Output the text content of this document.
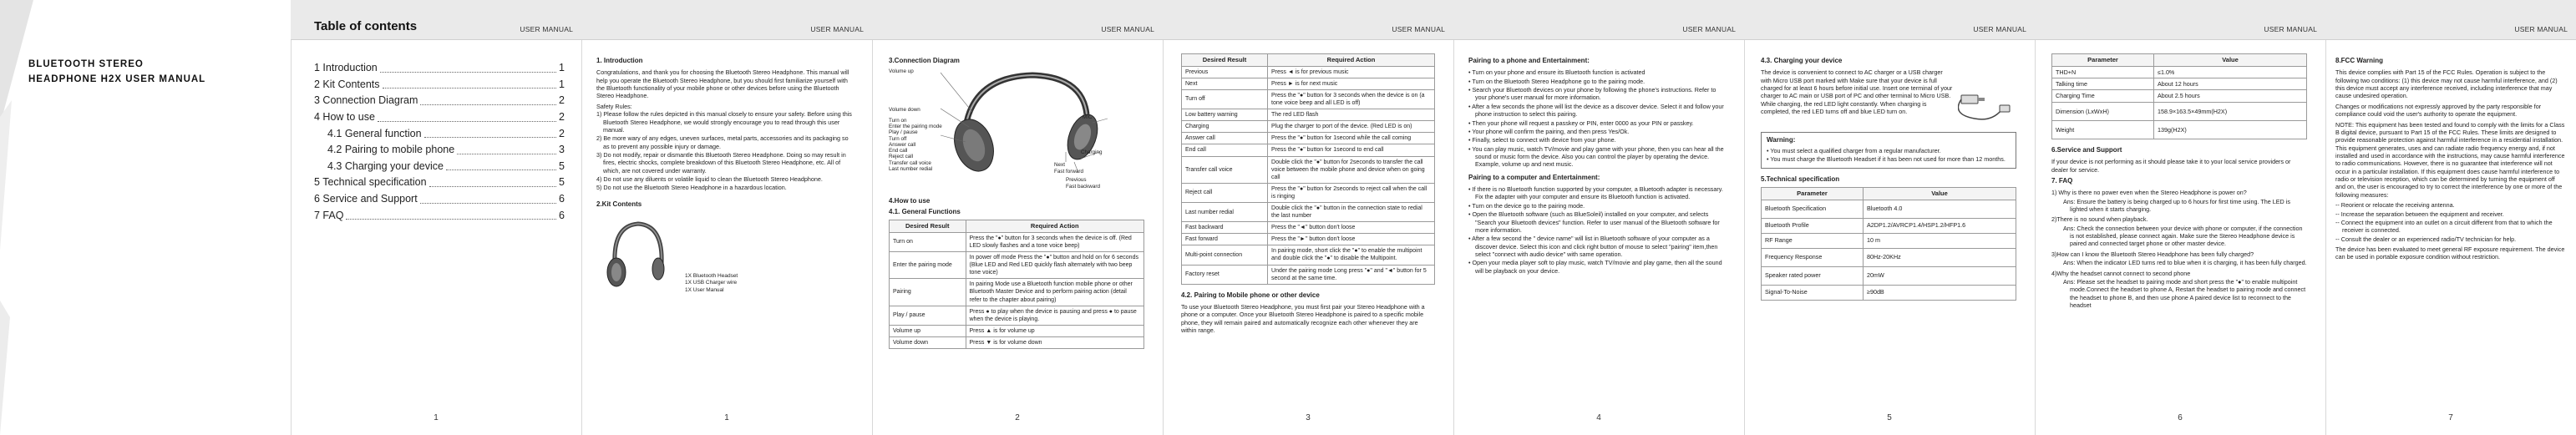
BLUETOOTH STEREO
HEADPHONE H2X USER MANUAL
Table of contents	USER MANUAL
1 Introduction	1
2 Kit Contents	1
3 Connection Diagram	2
4 How to use	2
4.1 General function	2
4.2 Pairing to mobile phone	3
4.3 Charging your device	5
5 Technical specification	5
6 Service and Support	6
7 FAQ	6
1
USER MANUAL
1. Introduction
Congratulations, and thank you for choosing the Bluetooth Stereo Headphone. This manual will help you operate the Bluetooth Stereo Headphone, but you should first familiarize yourself with the Bluetooth functionality of your mobile phone or other devices before using the Bluetooth Stereo Headphone.
Safety Rules:
1) Please follow the rules depicted in this manual closely to ensure your safety. Before using this Bluetooth Stereo Headphone, we would strongly encourage you to read through this user manual.
2) Be more wary of any edges, uneven surfaces, metal parts, accessories and its packaging so as to prevent any possible injury or damage.
3) Do not modify, repair or dismantle this Bluetooth Stereo Headphone. Doing so may result in fires, electric shocks, complete breakdown of this Bluetooth Stereo Headphone, etc. All of which, are not covered under warranty.
4) Do not use any diluents or volatile liquid to clean the Bluetooth Stereo Headphone.
5) Do not use the Bluetooth Stereo Headphone in a hazardous location.
2.Kit Contents
1X Bluetooth Headset
1X USB Charger wire
1X User Manual
1
USER MANUAL
3.Connection Diagram
Volume up
Volume down
Turn on
Enter the pairing mode
Play / pause
Turn off
Answer call
End call
Reject call
Transfer call voice
Last number redial
MIC
Charging
Next
Fast forward
Previous
Fast backward
4.How to use
4.1. General Functions
Desired Result	Required Action
Turn on	Press the "●" button for 3 seconds when the device is off. (Red LED slowly flashes and a tone voice beep)
Enter the pairing mode	In power off mode Press the "●" button and hold on for 6 seconds (Blue LED and Red LED quickly flash alternately with two beep tone voice)
Pairing	In pairing Mode use a Bluetooth function mobile phone or other Bluetooth Master Device and to perform pairing action (detail refer to the chapter about pairing)
Play / pause	Press ● to play when the device is pausing and press ● to pause when the device is playing.
Volume up	Press ▲ is for volume up
Volume down	Press ▼ is for volume down
2
USER MANUAL
Desired Result	Required Action
Previous	Press ◄ is for previous music
Next	Press ► is for next music
Turn off	Press the "●" button for 3 seconds when the device is on (a tone voice beep and all LED is off)
Low battery warning	The red LED flash
Charging	Plug the charger to port of the device. (Red LED is on)
Answer call	Press the "●" button for 1second while the call coming
End call	Press the "●" button for 1second to end call
Transfer call voice	Double click the "●" button for 2seconds to transfer the call voice between the mobile phone and device when on going call
Reject call	Press the "●" button for 2seconds to reject call when the call is ringing
Last number redial	Double click the "●" button in the connection state to redial the last number
Fast backward	Press the "◄" button don't loose
Fast forward	Press the "►" button don't loose
Multi-point connection	In pairing mode, short click the "●" to enable the multipoint and double click the "●" to disable the Multipoint.
Factory reset	Under the pairing mode Long press "●" and "◄" button for 5 second at the same time.
4.2. Pairing to Mobile phone or other device
To use your Bluetooth Stereo Headphone, you must first pair your Stereo Headphone with a phone or a computer. Once your Bluetooth Stereo Headphone is paired to a specific mobile phone, they will remain paired and automatically recognize each other whenever they are within range.
3
USER MANUAL
Pairing to a phone and Entertainment:
• Turn on your phone and ensure its Bluetooth function is activated
• Turn on the Bluetooth Stereo Headphone go to the pairing mode.
• Search your Bluetooth devices on your phone by following the phone's instructions. Refer to your phone's user manual for more information.
• After a few seconds the phone will list the device as a discover device. Select it and follow your phone instruction to select this pairing.
• Then your phone will request a passkey or PIN, enter 0000 as your PIN or passkey.
• Your phone will confirm the pairing, and then press Yes/Ok.
• Finally, select to connect with device from your phone.
• You can play music, watch TV/movie and play game with your phone, then you can hear all the sound or music form the device. Also you can control the player by operating the device. Example, volume up and next music.
Pairing to a computer and Entertainment:
• If there is no Bluetooth function supported by your computer, a Bluetooth adapter is necessary. Fix the adapter with your computer and ensure its Bluetooth function is activated.
• Turn on the device go to the pairing mode.
• Open the Bluetooth software (such as BlueSoleil) installed on your computer, and selects "Search your Bluetooth devices" function. Refer to user manual of the Bluetooth software for more information.
• After a few second the " device name" will list in Bluetooth software of your computer as a discover device. Select this icon and click right button of mouse to select "pairing" item,then select "connect with audio device" with same operation.
• Open your media player soft to play music, watch TV/movie and play game, then all the sound will be playback on your device.
4
USER MANUAL
4.3. Charging your device
The device is convenient to connect to AC charger or a USB charger with Micro USB port marked with Make sure that your device is full charged for at least 6 hours before initial use. Insert one terminal of your charger to AC main or USB port of PC and other terminal to Micro USB. While charging, the red LED light constantly. When charging is completed, the red LED turns off and blue LED turn on.
Warning:
• You must select a qualified charger from a regular manufacturer.
• You must charge the Bluetooth Headset if it has been not used for more than 12 months.
5.Technical specification
Parameter	Value
Bluetooth Specification	Bluetooth 4.0
Bluetooth Profile	A2DP1.2/AVRCP1.4/HSP1.2/HFP1.6
RF Range	10 m
Frequency Response	80Hz-20KHz
Speaker rated power	20mW
Signal-To-Noise	≥90dB
5
USER MANUAL
Parameter	Value
THD+N	≤1.0%
Talking time	About 12 hours
Charging Time	About 2.5 hours
Dimension (LxWxH)	158.9×163.5×49mm(H2X)
Weight	139g(H2X)
6.Service and Support
If your device is not performing as it should please take it to your local service providers or dealer for service.
7. FAQ
1) Why is there no power even when the Stereo Headphone is power on?
Ans: Ensure the battery is being charged up to 6 hours for first time using. The LED is lighted when it starts charging.
2)There is no sound when playback.
Ans: Check the connection between your device with phone or computer, if the connection is not established, please connect again. Make sure the Stereo Headphone device is paired and connected target phone or other master device.
3)How can I know the Bluetooth Stereo Headphone has been fully charged?
Ans: When the indicator LED turns red to blue when it is charging, it has been fully charged.
4)Why the headset cannot connect to second phone
Ans: Please set the headset to pairing mode and short press the "●" to enable multipoint mode.Connect the headset to phone A, Restart the headset to pairing mode and connect the headset to phone B, and then use phone A paired device list to reconnect to the headset
6
USER MANUAL
8.FCC Warning
This device complies with Part 15 of the FCC Rules. Operation is subject to the following two conditions: (1) this device may not cause harmful interference, and (2) this device must accept any interference received, including interference that may cause undesired operation.
Changes or modifications not expressly approved by the party responsible for compliance could void the user's authority to operate the equipment.
NOTE: This equipment has been tested and found to comply with the limits for a Class B digital device, pursuant to Part 15 of the FCC Rules. These limits are designed to provide reasonable protection against harmful interference in a residential installation. This equipment generates, uses and can radiate radio frequency energy and, if not installed and used in accordance with the instructions, may cause harmful interference to radio communications. However, there is no guarantee that interference will not occur in a particular installation. If this equipment does cause harmful interference to radio or television reception, which can be determined by turning the equipment off and on, the user is encouraged to try to correct the interference by one or more of the following measures:
-- Reorient or relocate the receiving antenna.
-- Increase the separation between the equipment and receiver.
-- Connect the equipment into an outlet on a circuit different from that to which the receiver is connected.
-- Consult the dealer or an experienced radio/TV technician for help.
The device has been evaluated to meet general RF exposure requirement. The device can be used in portable exposure condition without restriction.
7
